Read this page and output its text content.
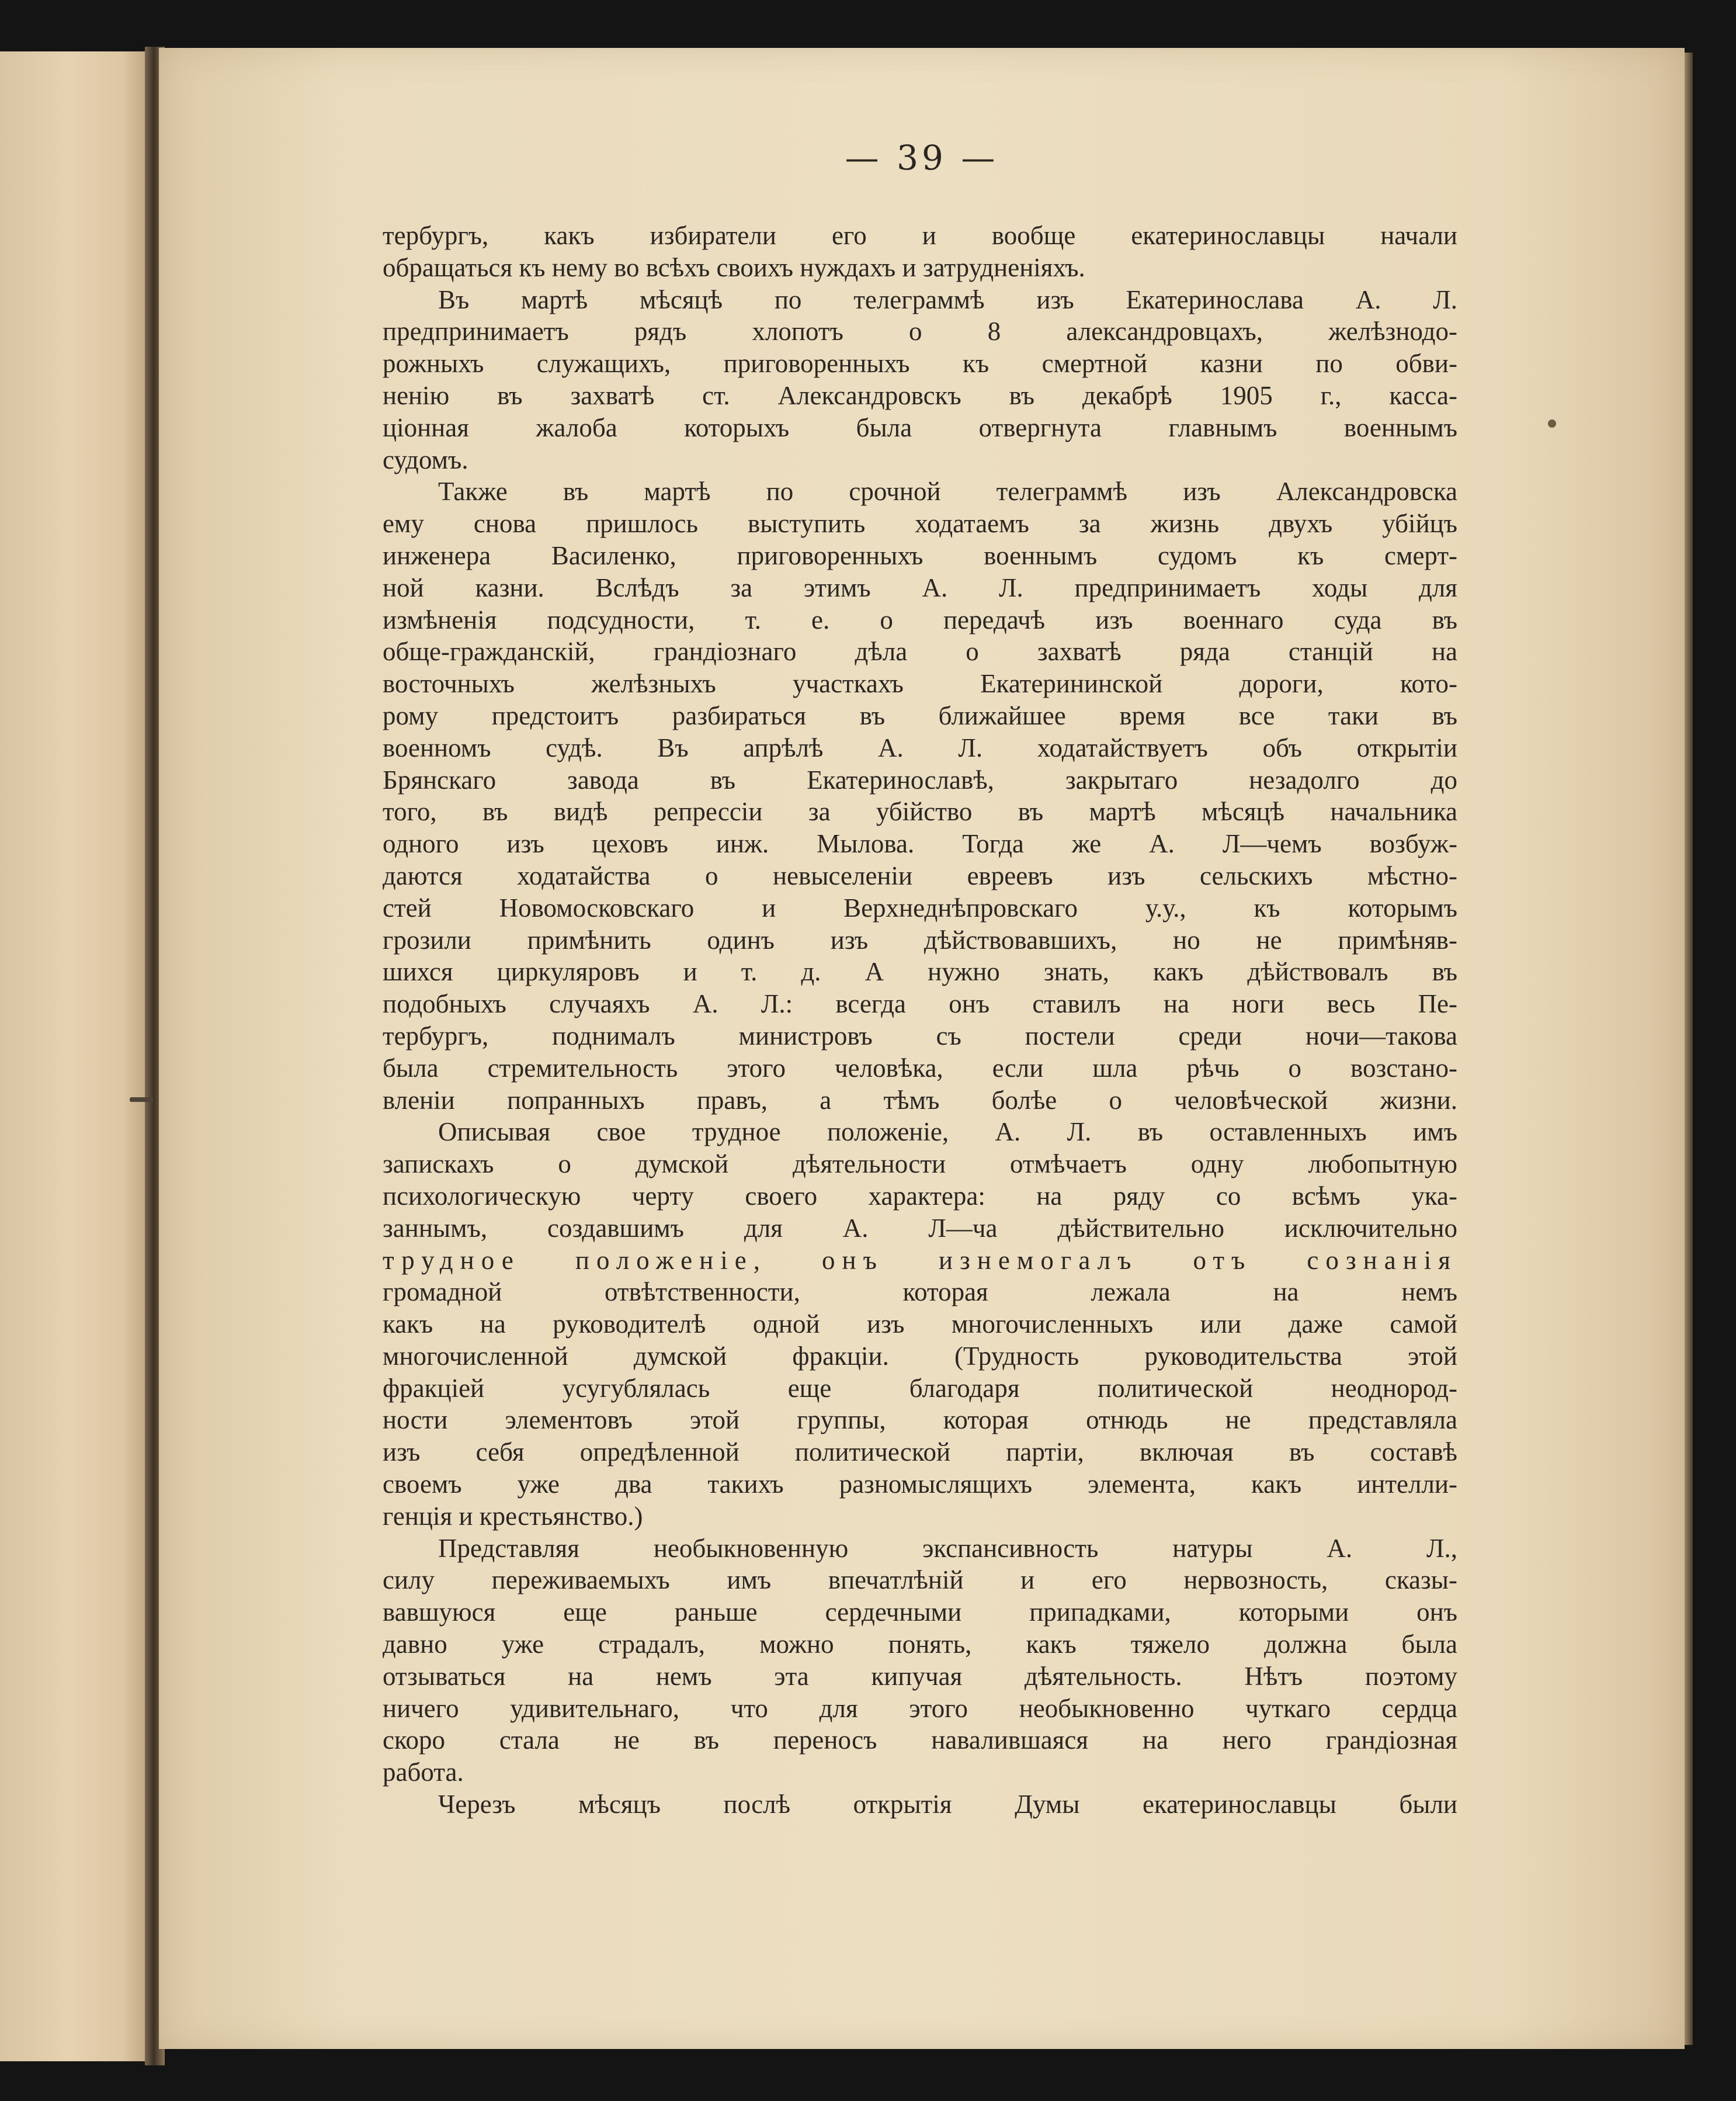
— 39 —
тербургъ, какъ избиратели его и вообще екатеринославцы начали
обращаться къ нему во всѣхъ своихъ нуждахъ и затрудненіяхъ.
Въ мартѣ мѣсяцѣ по телеграммѣ изъ Екатеринослава А. Л.
предпринимаетъ рядъ хлопотъ о 8 александровцахъ, желѣзнодо-
рожныхъ служащихъ, приговоренныхъ къ смертной казни по обви-
ненію въ захватѣ ст. Александровскъ въ декабрѣ 1905 г., касса-
ціонная жалоба которыхъ была отвергнута главнымъ военнымъ
судомъ.
Также въ мартѣ по срочной телеграммѣ изъ Александровска
ему снова пришлось выступить ходатаемъ за жизнь двухъ убійцъ
инженера Василенко, приговоренныхъ военнымъ судомъ къ смерт-
ной казни. Вслѣдъ за этимъ А. Л. предпринимаетъ ходы для
измѣненія подсудности, т. е. о передачѣ изъ военнаго суда въ
обще-гражданскій, грандіознаго дѣла о захватѣ ряда станцій на
восточныхъ желѣзныхъ участкахъ Екатерининской дороги, кото-
рому предстоитъ разбираться въ ближайшее время все таки въ
военномъ судѣ. Въ апрѣлѣ А. Л. ходатайствуетъ объ открытіи
Брянскаго завода въ Екатеринославѣ, закрытаго незадолго до
того, въ видѣ репрессіи за убійство въ мартѣ мѣсяцѣ начальника
одного изъ цеховъ инж. Мылова. Тогда же А. Л—чемъ возбуж-
даются ходатайства о невыселеніи евреевъ изъ сельскихъ мѣстно-
стей Новомосковскаго и Верхнеднѣпровскаго у.у., къ которымъ
грозили примѣнить одинъ изъ дѣйствовавшихъ, но не примѣняв-
шихся циркуляровъ и т. д. А нужно знать, какъ дѣйствовалъ въ
подобныхъ случаяхъ А. Л.: всегда онъ ставилъ на ноги весь Пе-
тербургъ, поднималъ министровъ съ постели среди ночи—такова
была стремительность этого человѣка, если шла рѣчь о возстано-
вленіи попранныхъ правъ, а тѣмъ болѣе о человѣческой жизни.
Описывая свое трудное положеніе, А. Л. въ оставленныхъ имъ
запискахъ о думской дѣятельности отмѣчаетъ одну любопытную
психологическую черту своего характера: на ряду со всѣмъ ука-
заннымъ, создавшимъ для А. Л—ча дѣйствительно исключительно
трудное положеніе, онъ изнемогалъ отъ сознанія
громадной отвѣтственности, которая лежала на немъ
какъ на руководителѣ одной изъ многочисленныхъ или даже самой
многочисленной думской фракціи. (Трудность руководительства этой
фракціей усугублялась еще благодаря политической неоднород-
ности элементовъ этой группы, которая отнюдь не представляла
изъ себя опредѣленной политической партіи, включая въ составѣ
своемъ уже два такихъ разномыслящихъ элемента, какъ интелли-
генція и крестьянство.)
Представляя необыкновенную экспансивность натуры А. Л.,
силу переживаемыхъ имъ впечатлѣній и его нервозность, сказы-
вавшуюся еще раньше сердечными припадками, которыми онъ
давно уже страдалъ, можно понять, какъ тяжело должна была
отзываться на немъ эта кипучая дѣятельность. Нѣтъ поэтому
ничего удивительнаго, что для этого необыкновенно чуткаго сердца
скоро стала не въ переносъ навалившаяся на него грандіозная
работа.
Черезъ мѣсяцъ послѣ открытія Думы екатеринославцы были
